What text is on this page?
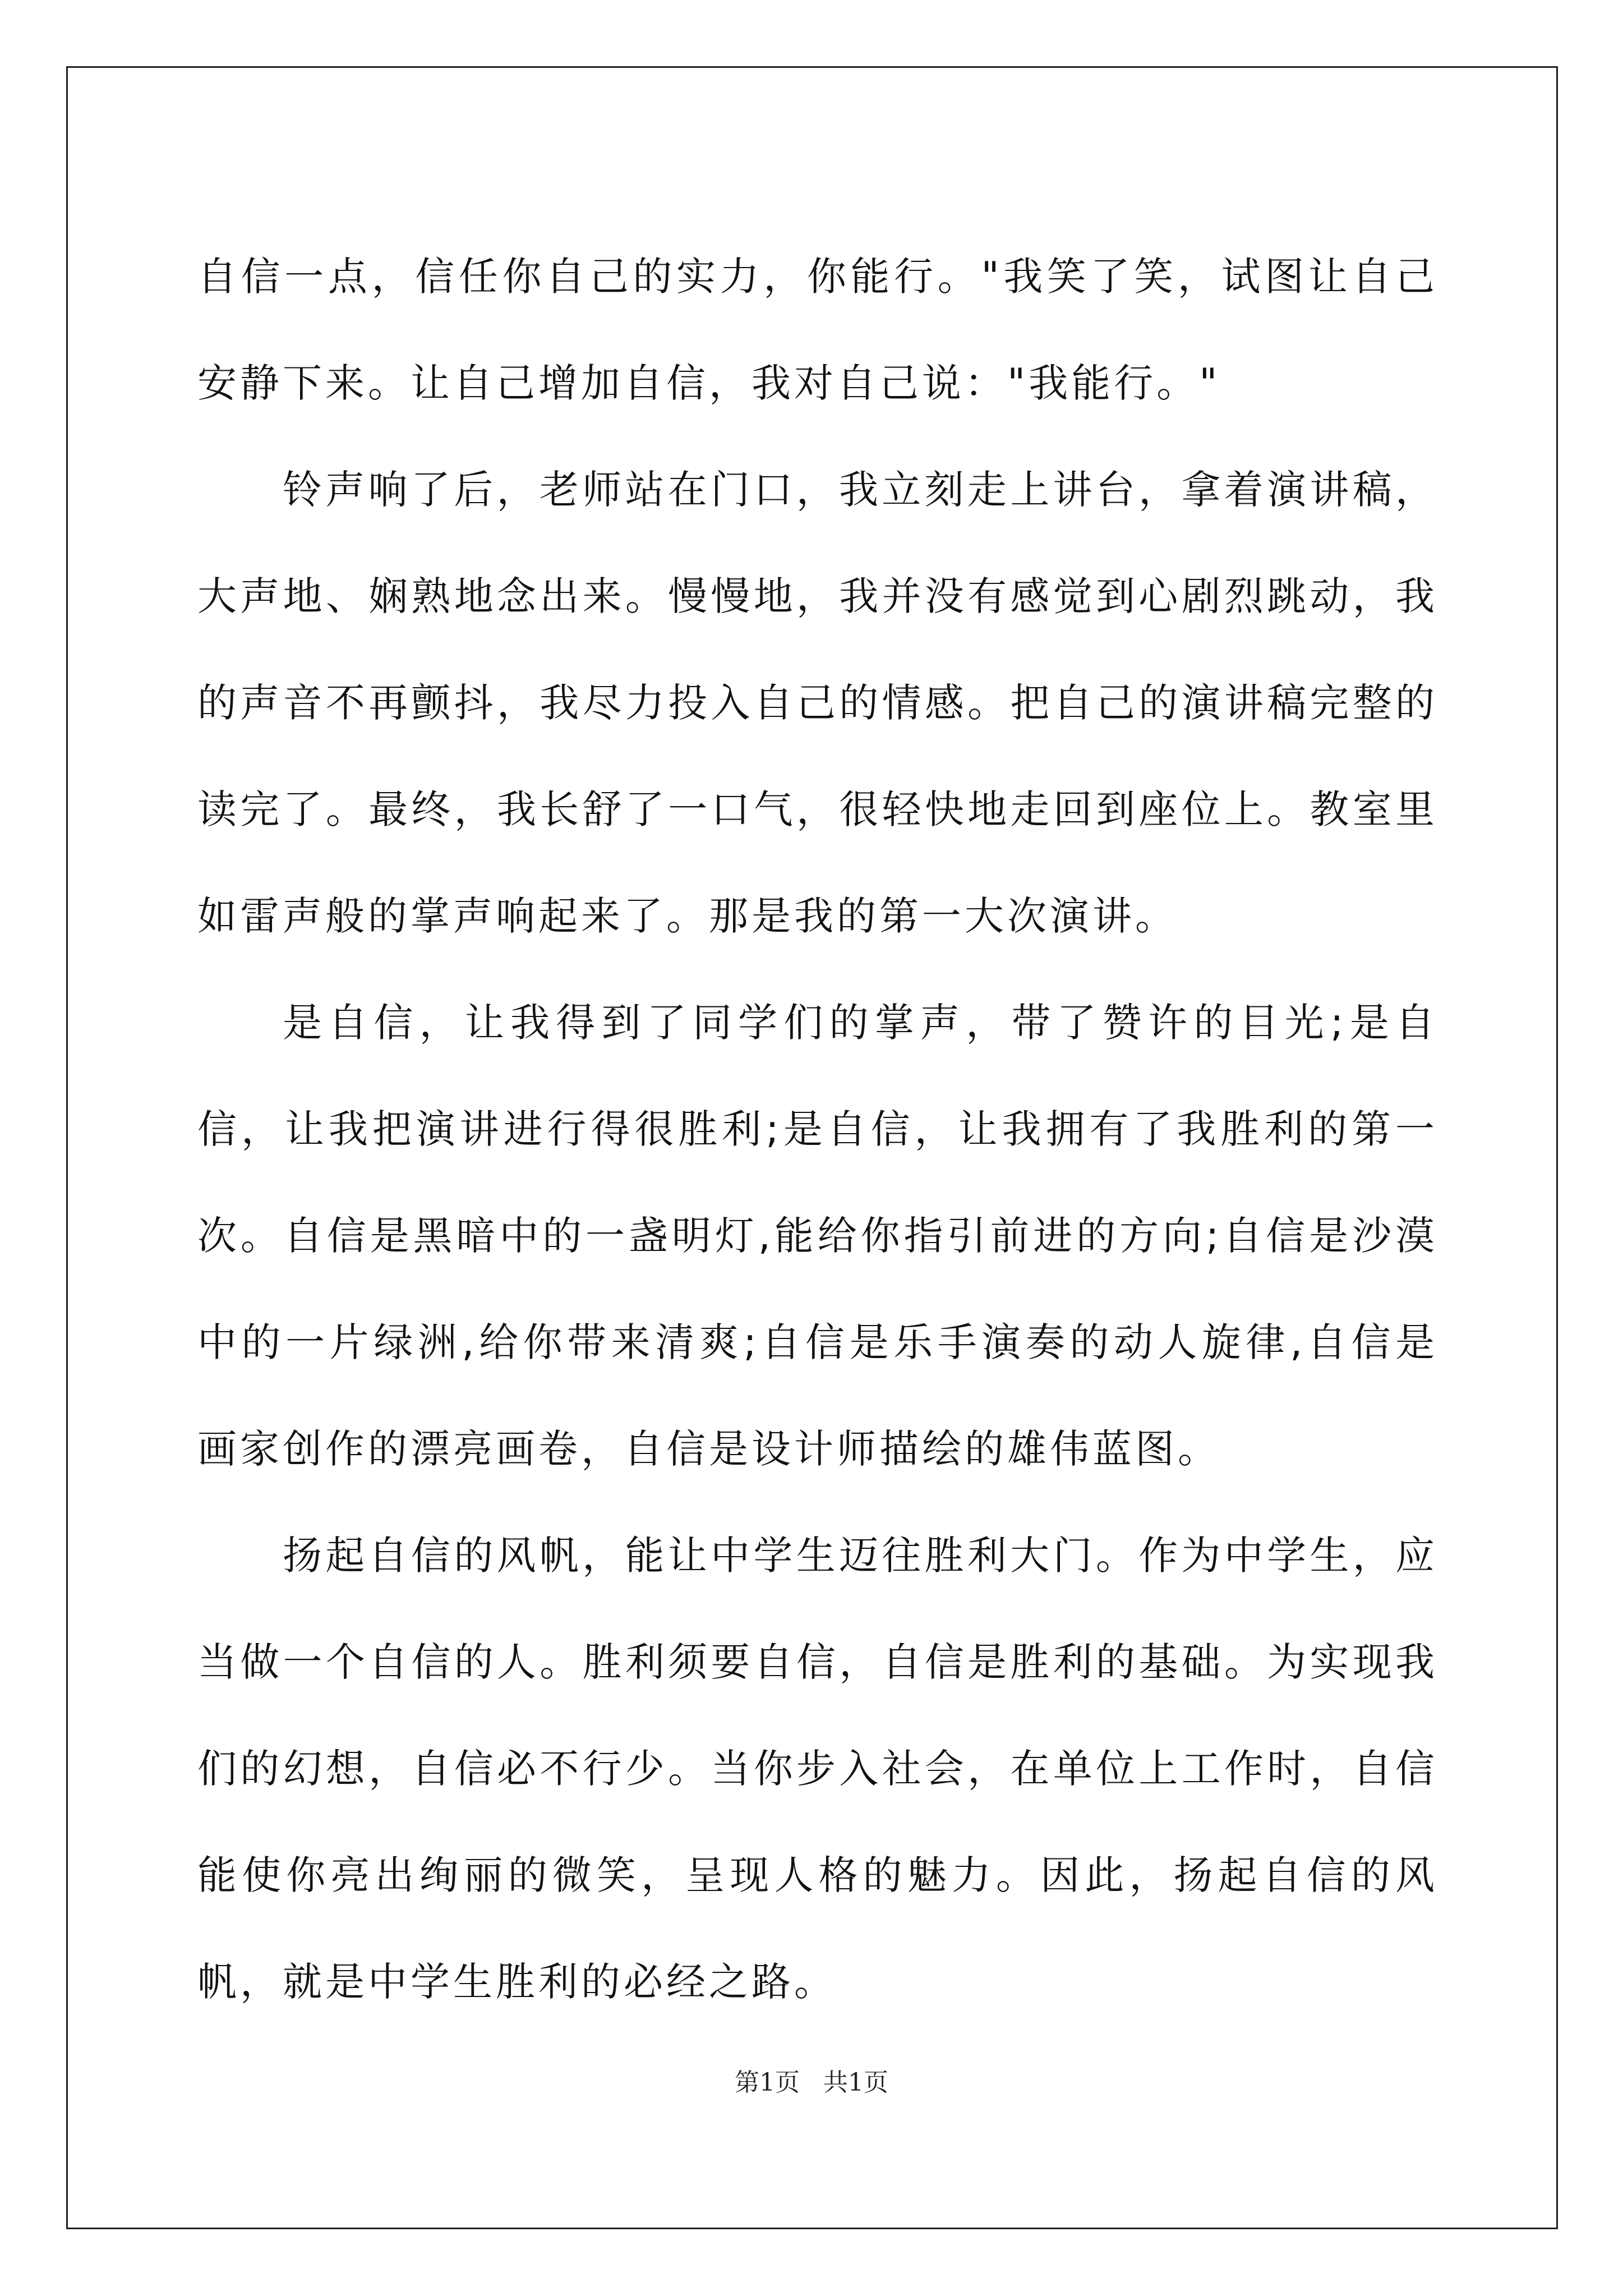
自信一点，信任你自己的实力，你能行。"我笑了笑，试图让自己安静下来。让自己增加自信，我对自己说："我能行。"

铃声响了后，老师站在门口，我立刻走上讲台，拿着演讲稿，大声地、娴熟地念出来。慢慢地，我并没有感觉到心剧烈跳动，我的声音不再颤抖，我尽力投入自己的情感。把自己的演讲稿完整的读完了。最终，我长舒了一口气，很轻快地走回到座位上。教室里如雷声般的掌声响起来了。那是我的第一大次演讲。

是自信，让我得到了同学们的掌声，带了赞许的目光;是自信，让我把演讲进行得很胜利;是自信，让我拥有了我胜利的第一次。自信是黑暗中的一盏明灯,能给你指引前进的方向;自信是沙漠中的一片绿洲,给你带来清爽;自信是乐手演奏的动人旋律,自信是画家创作的漂亮画卷，自信是设计师描绘的雄伟蓝图。

扬起自信的风帆，能让中学生迈往胜利大门。作为中学生，应当做一个自信的人。胜利须要自信，自信是胜利的基础。为实现我们的幻想，自信必不行少。当你步入社会，在单位上工作时，自信能使你亮出绚丽的微笑，呈现人格的魅力。因此，扬起自信的风帆，就是中学生胜利的必经之路。

第1页   共1页
